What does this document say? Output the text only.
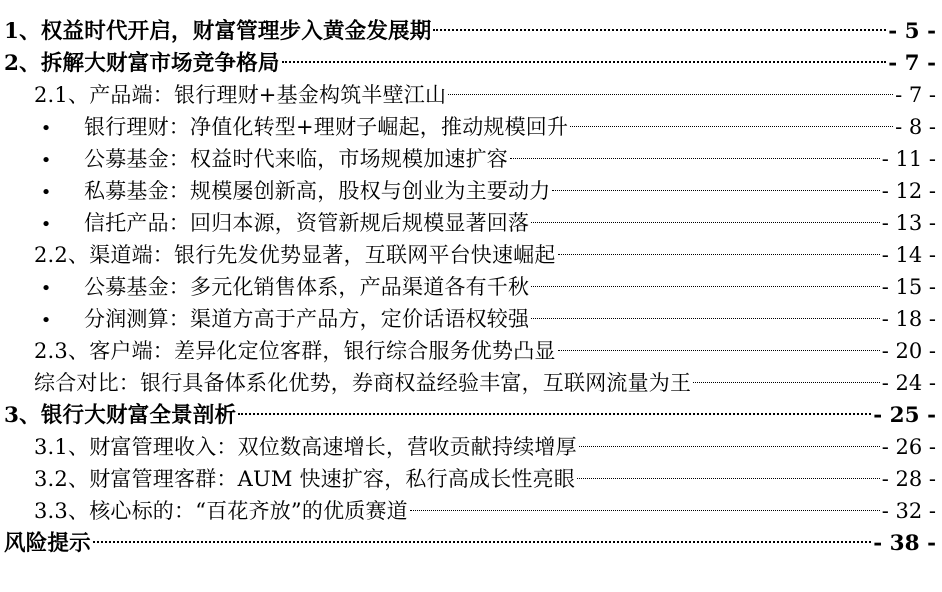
1、权益时代开启，财富管理步入黄金发展期	- 5 -
2、拆解大财富市场竞争格局	- 7 -
2.1、产品端：银行理财+基金构筑半壁江山	- 7 -
• 银行理财：净值化转型+理财子崛起，推动规模回升	- 8 -
• 公募基金：权益时代来临，市场规模加速扩容	- 11 -
• 私募基金：规模屡创新高，股权与创业为主要动力	- 12 -
• 信托产品：回归本源，资管新规后规模显著回落	- 13 -
2.2、渠道端：银行先发优势显著，互联网平台快速崛起	- 14 -
• 公募基金：多元化销售体系，产品渠道各有千秋	- 15 -
• 分润测算：渠道方高于产品方，定价话语权较强	- 18 -
2.3、客户端：差异化定位客群，银行综合服务优势凸显	- 20 -
综合对比：银行具备体系化优势，券商权益经验丰富，互联网流量为王	- 24 -
3、银行大财富全景剖析	- 25 -
3.1、财富管理收入：双位数高速增长，营收贡献持续增厚	- 26 -
3.2、财富管理客群：AUM 快速扩容，私行高成长性亮眼	- 28 -
3.3、核心标的：“百花齐放”的优质赛道	- 32 -
风险提示	- 38 -
